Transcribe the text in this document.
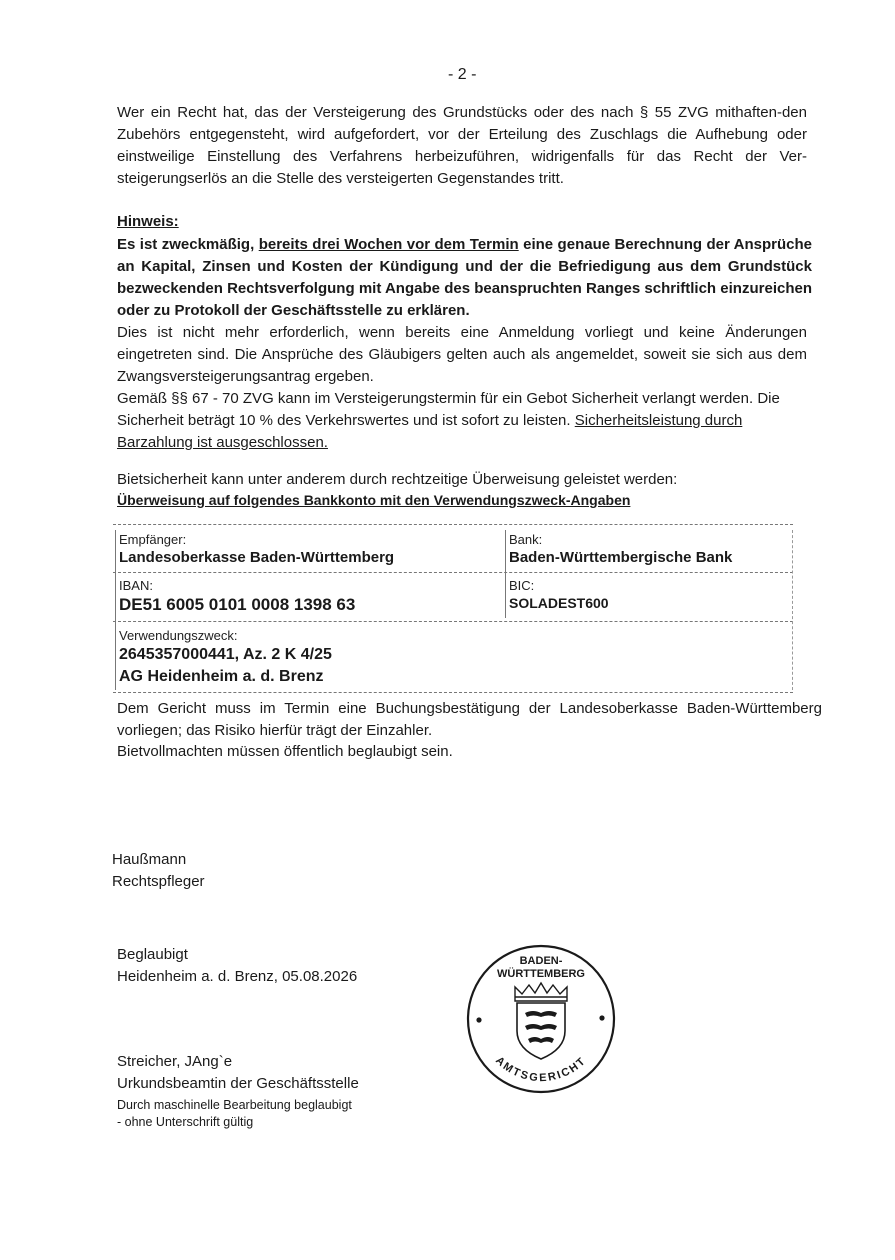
- 2 -
Wer ein Recht hat, das der Versteigerung des Grundstücks oder des nach § 55 ZVG mithaften-den Zubehörs entgegensteht, wird aufgefordert, vor der Erteilung des Zuschlags die Aufhebung oder einstweilige Einstellung des Verfahrens herbeizuführen, widrigenfalls für das Recht der Ver-steigerungserlös an die Stelle des versteigerten Gegenstandes tritt.
Hinweis:
Es ist zweckmäßig, bereits drei Wochen vor dem Termin eine genaue Berechnung der Ansprüche an Kapital, Zinsen und Kosten der Kündigung und der die Befriedigung aus dem Grundstück bezweckenden Rechtsverfolgung mit Angabe des beanspruchten Ranges schriftlich einzureichen oder zu Protokoll der Geschäftsstelle zu erklären.
Dies ist nicht mehr erforderlich, wenn bereits eine Anmeldung vorliegt und keine Änderungen eingetreten sind. Die Ansprüche des Gläubigers gelten auch als angemeldet, soweit sie sich aus dem Zwangsversteigerungsantrag ergeben.
Gemäß §§ 67 - 70 ZVG kann im Versteigerungstermin für ein Gebot Sicherheit verlangt werden. Die Sicherheit beträgt 10 % des Verkehrswertes und ist sofort zu leisten. Sicherheitsleistung durch Barzahlung ist ausgeschlossen.
Bietsicherheit kann unter anderem durch rechtzeitige Überweisung geleistet werden:
Überweisung auf folgendes Bankkonto mit den Verwendungszweck-Angaben
Empfänger:
Landesoberkasse Baden-Württemberg
Bank:
Baden-Württembergische Bank
IBAN:
DE51 6005 0101 0008 1398 63
BIC:
SOLADEST600
Verwendungszweck:
2645357000441, Az. 2 K 4/25
AG Heidenheim a. d. Brenz
Dem Gericht muss im Termin eine Buchungsbestätigung der Landesoberkasse Baden-Württemberg vorliegen; das Risiko hierfür trägt der Einzahler.
Bietvollmachten müssen öffentlich beglaubigt sein.
Haußmann
Rechtspfleger
Beglaubigt
Heidenheim a. d. Brenz, 05.08.2026
Streicher, JAng`e
Urkundsbeamtin der Geschäftsstelle
Durch maschinelle Bearbeitung beglaubigt
- ohne Unterschrift gültig
BADEN-
WÜRTTEMBERG
AMTSGERICHT
